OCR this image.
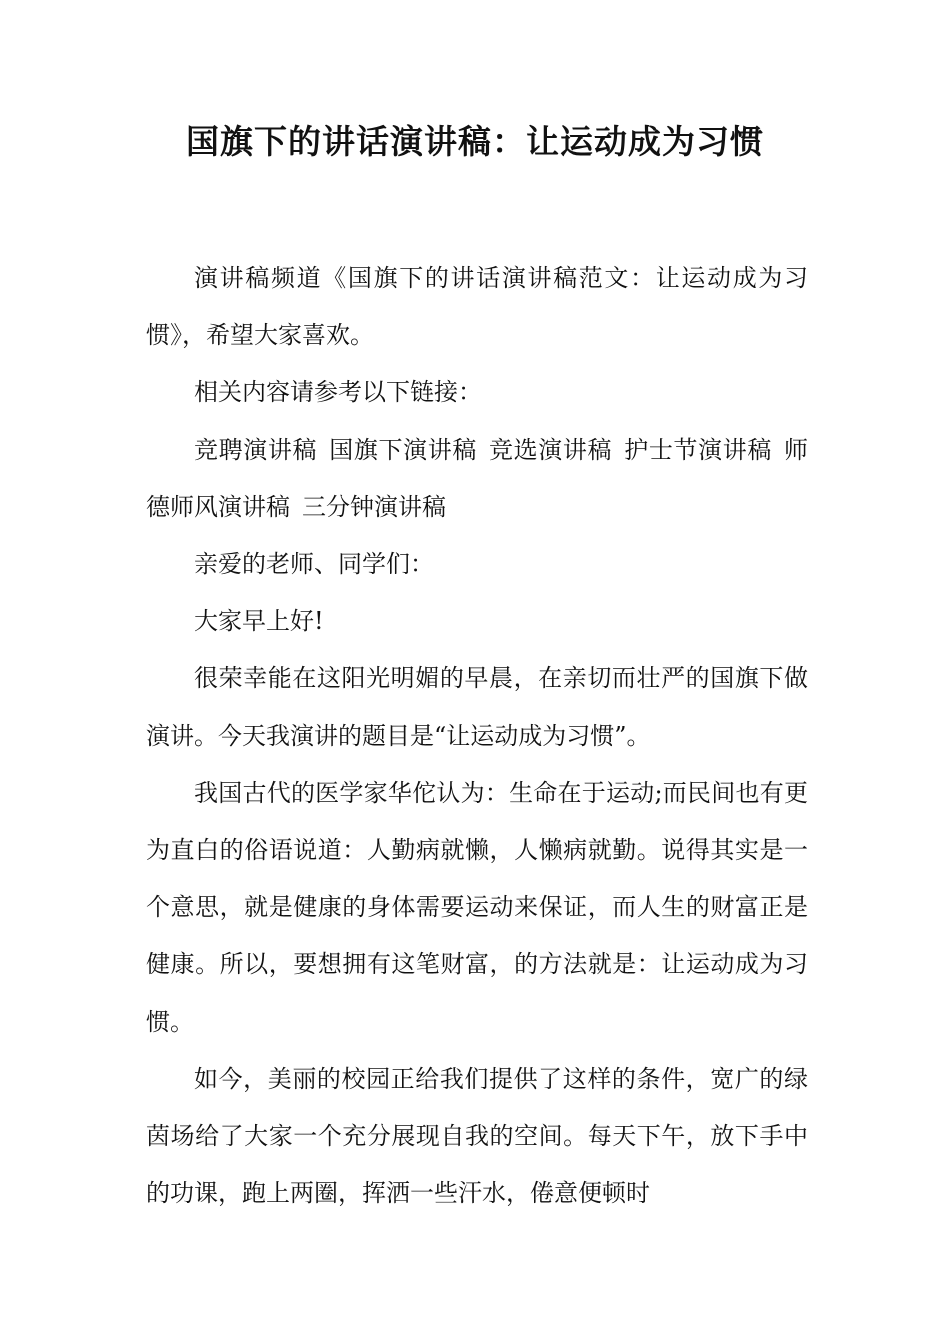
国旗下的讲话演讲稿：让运动成为习惯

演讲稿频道《国旗下的讲话演讲稿范文：让运动成为习惯》，希望大家喜欢。

相关内容请参考以下链接：

竞聘演讲稿 国旗下演讲稿 竞选演讲稿 护士节演讲稿 师德师风演讲稿 三分钟演讲稿

亲爱的老师、同学们：

大家早上好!

很荣幸能在这阳光明媚的早晨，在亲切而壮严的国旗下做演讲。今天我演讲的题目是“让运动成为习惯”。

我国古代的医学家华佗认为：生命在于运动;而民间也有更为直白的俗语说道：人勤病就懒，人懒病就勤。说得其实是一个意思，就是健康的身体需要运动来保证，而人生的财富正是健康。所以，要想拥有这笔财富，的方法就是：让运动成为习惯。

如今，美丽的校园正给我们提供了这样的条件，宽广的绿茵场给了大家一个充分展现自我的空间。每天下午，放下手中的功课，跑上两圈，挥洒一些汗水，倦意便顿时
